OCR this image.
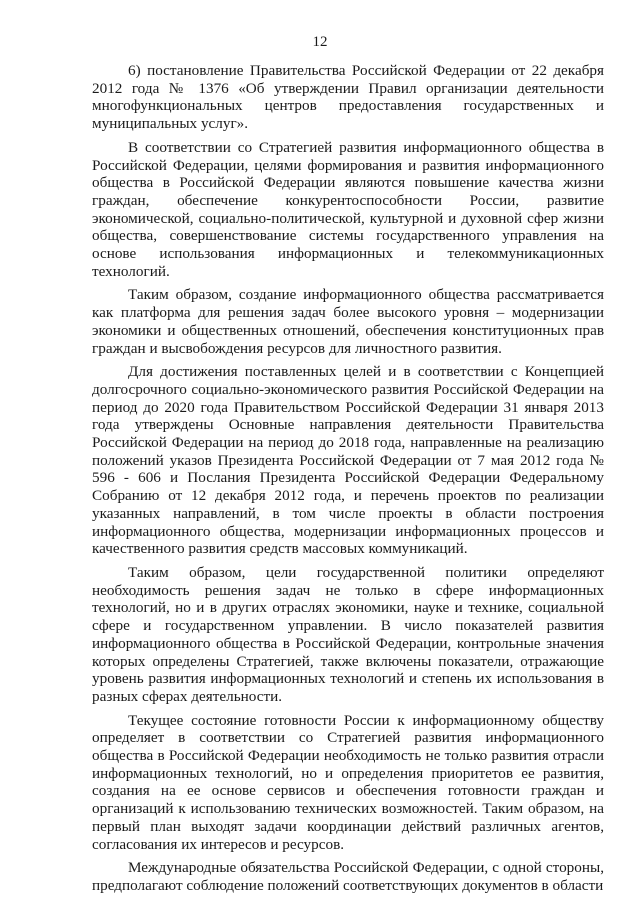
12

6) постановление Правительства Российской Федерации от 22 декабря 2012 года № 1376 «Об утверждении Правил организации деятельности многофункциональных центров предоставления государственных и муниципальных услуг».

В соответствии со Стратегией развития информационного общества в Российской Федерации, целями формирования и развития информационного общества в Российской Федерации являются повышение качества жизни граждан, обеспечение конкурентоспособности России, развитие экономической, социально-политической, культурной и духовной сфер жизни общества, совершенствование системы государственного управления на основе использования информационных и телекоммуникационных технологий.

Таким образом, создание информационного общества рассматривается как платформа для решения задач более высокого уровня – модернизации экономики и общественных отношений, обеспечения конституционных прав граждан и высвобождения ресурсов для личностного развития.

Для достижения поставленных целей и в соответствии с Концепцией долгосрочного социально-экономического развития Российской Федерации на период до 2020 года Правительством Российской Федерации 31 января 2013 года утверждены Основные направления деятельности Правительства Российской Федерации на период до 2018 года, направленные на реализацию положений указов Президента Российской Федерации от 7 мая 2012 года № 596 - 606 и Послания Президента Российской Федерации Федеральному Собранию от 12 декабря 2012 года, и перечень проектов по реализации указанных направлений, в том числе проекты в области построения информационного общества, модернизации информационных процессов и качественного развития средств массовых коммуникаций.

Таким образом, цели государственной политики определяют необходимость решения задач не только в сфере информационных технологий, но и в других отраслях экономики, науке и технике, социальной сфере и государственном управлении. В число показателей развития информационного общества в Российской Федерации, контрольные значения которых определены Стратегией, также включены показатели, отражающие уровень развития информационных технологий и степень их использования в разных сферах деятельности.

Текущее состояние готовности России к информационному обществу определяет в соответствии со Стратегией развития информационного общества в Российской Федерации необходимость не только развития отрасли информационных технологий, но и определения приоритетов ее развития, создания на ее основе сервисов и обеспечения готовности граждан и организаций к использованию технических возможностей. Таким образом, на первый план выходят задачи координации действий различных агентов, согласования их интересов и ресурсов.

Международные обязательства Российской Федерации, с одной стороны, предполагают соблюдение положений соответствующих документов в области
